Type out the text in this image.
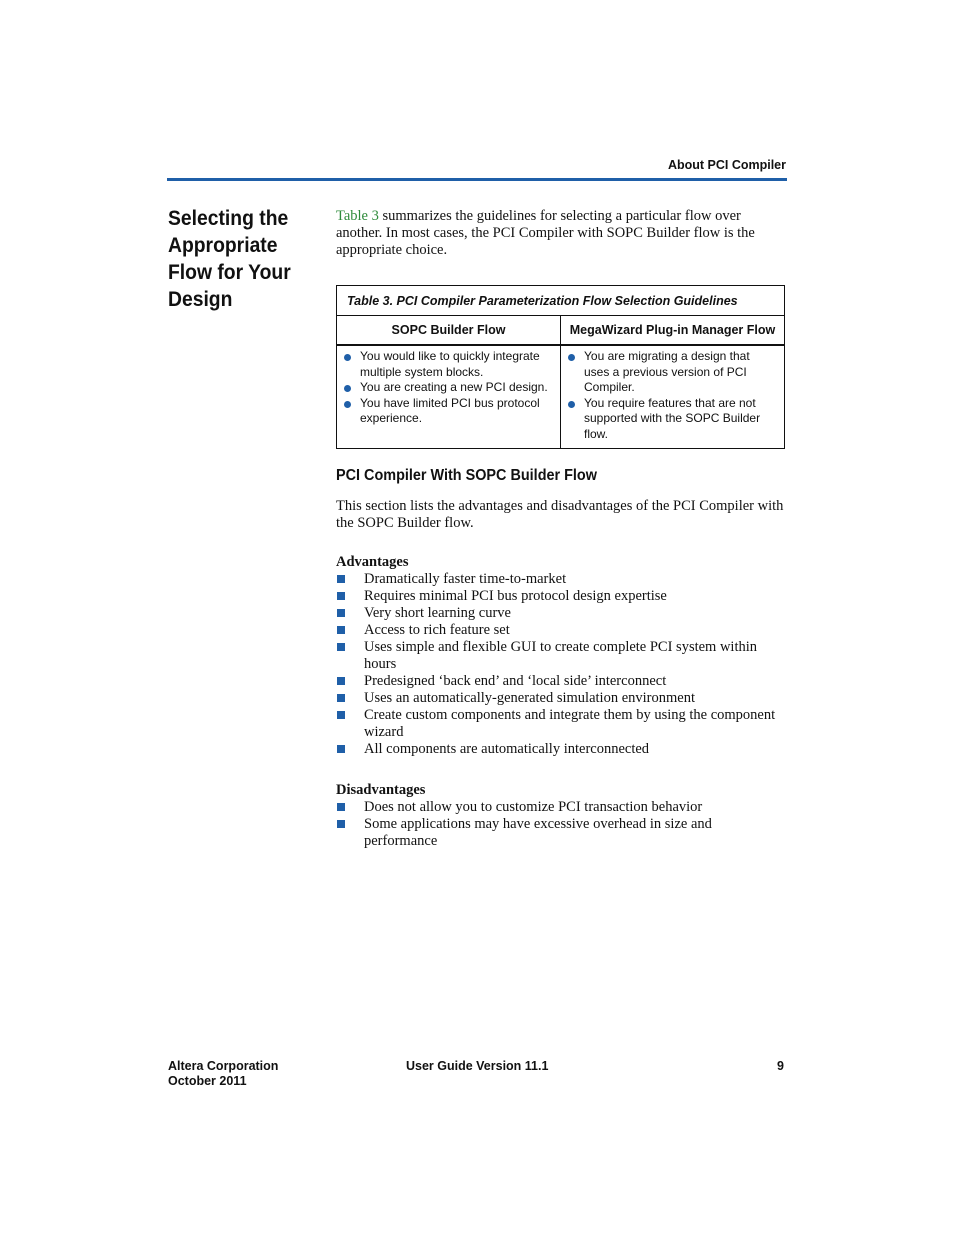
About PCI Compiler
Selecting the Appropriate Flow for Your Design
Table 3 summarizes the guidelines for selecting a particular flow over another. In most cases, the PCI Compiler with SOPC Builder flow is the appropriate choice.
Table 3. PCI Compiler Parameterization Flow Selection Guidelines
SOPC Builder Flow	MegaWizard Plug-in Manager Flow
You would like to quickly integrate multiple system blocks.
You are creating a new PCI design.
You have limited PCI bus protocol experience.
You are migrating a design that uses a previous version of PCI Compiler.
You require features that are not supported with the SOPC Builder flow.
PCI Compiler With SOPC Builder Flow

This section lists the advantages and disadvantages of the PCI Compiler with the SOPC Builder flow.

Advantages

Dramatically faster time-to-market
Requires minimal PCI bus protocol design expertise
Very short learning curve
Access to rich feature set
Uses simple and flexible GUI to create complete PCI system within hours
Predesigned ‘back end’ and ‘local side’ interconnect
Uses an automatically-generated simulation environment
Create custom components and integrate them by using the component wizard
All components are automatically interconnected

Disadvantages

Does not allow you to customize PCI transaction behavior
Some applications may have excessive overhead in size and performance
Altera Corporation
October 2011
User Guide Version 11.1	9
